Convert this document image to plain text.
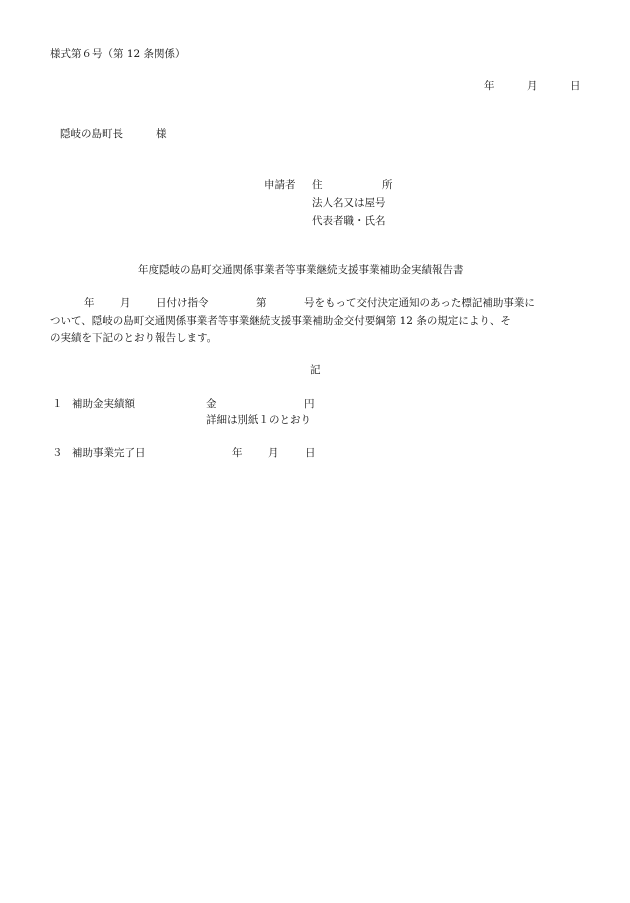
様式第６号（第 12 条関係）
年	月	日
隠岐の島町長	様
申請者 住	所
法人名又は屋号
代表者職・氏名
年度隠岐の島町交通関係事業者等事業継続支援事業補助金実績報告書
年 月 日付け指令	第	号をもって交付決定通知のあった標記補助事業に
ついて、隠岐の島町交通関係事業者等事業継続支援事業補助金交付要綱第 12 条の規定により、そ
の実績を下記のとおり報告します。
記
１ 補助金実績額	金	円
詳細は別紙１のとおり
３ 補助事業完了日	年 月	日
